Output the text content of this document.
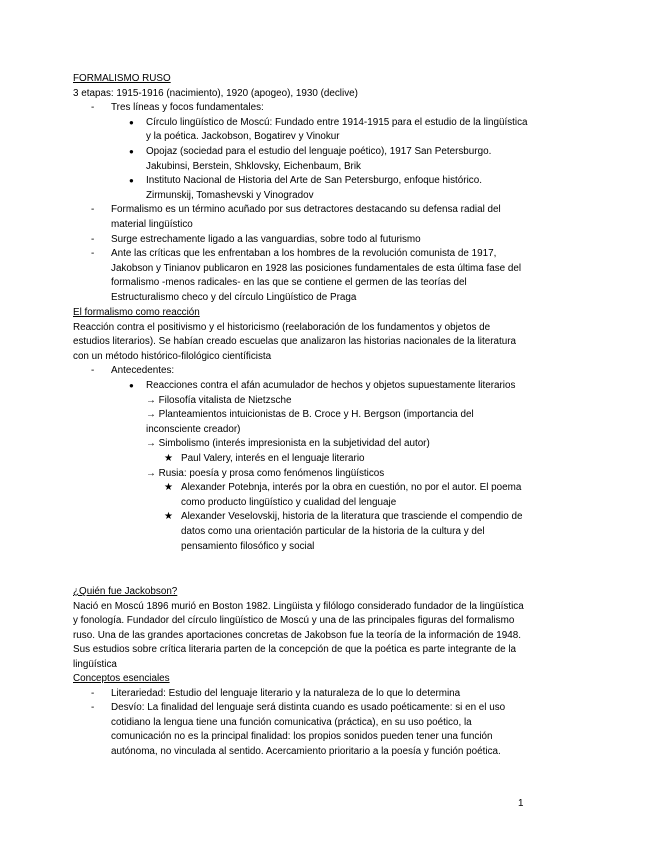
FORMALISMO RUSO

3 etapas: 1915-1916 (nacimiento), 1920 (apogeo), 1930 (declive)

- Tres líneas y focos fundamentales:
● Círculo lingüístico de Moscú: Fundado entre 1914-1915 para el estudio de la lingüística y la poética. Jackobson, Bogatirev y Vinokur
● Opojaz (sociedad para el estudio del lenguaje poético), 1917 San Petersburgo. Jakubinsi, Berstein, Shklovsky, Eichenbaum, Brik
● Instituto Nacional de Historia del Arte de San Petersburgo, enfoque histórico. Zirmunskij, Tomashevski y Vinogradov
- Formalismo es un término acuñado por sus detractores destacando su defensa radial del material lingüístico
- Surge estrechamente ligado a las vanguardias, sobre todo al futurismo
- Ante las críticas que les enfrentaban a los hombres de la revolución comunista de 1917, Jakobson y Tinianov publicaron en 1928 las posiciones fundamentales de esta última fase del formalismo -menos radicales- en las que se contiene el germen de las teorías del Estructuralismo checo y del círculo Lingüístico de Praga

El formalismo como reacción

Reacción contra el positivismo y el historicismo (reelaboración de los fundamentos y objetos de estudios literarios). Se habían creado escuelas que analizaron las historias nacionales de la literatura con un método histórico-filológico científicista

- Antecedentes:
● Reacciones contra el afán acumulador de hechos y objetos supuestamente literarios
→ Filosofía vitalista de Nietzsche
→ Planteamientos intuicionistas de B. Croce y H. Bergson (importancia del inconsciente creador)
→ Simbolismo (interés impresionista en la subjetividad del autor)
★ Paul Valery, interés en el lenguaje literario
→ Rusia: poesía y prosa como fenómenos lingüísticos
★ Alexander Potebnja, interés por la obra en cuestión, no por el autor. El poema como producto lingüístico y cualidad del lenguaje
★ Alexander Veselovskij, historia de la literatura que trasciende el compendio de datos como una orientación particular de la historia de la cultura y del pensamiento filosófico y social

¿Quién fue Jackobson?

Nació en Moscú 1896 murió en Boston 1982. Lingüista y filólogo considerado fundador de la lingüística y fonología. Fundador del círculo lingüístico de Moscú y una de las principales figuras del formalismo ruso. Una de las grandes aportaciones concretas de Jakobson fue la teoría de la información de 1948. Sus estudios sobre crítica literaria parten de la concepción de que la poética es parte integrante de la lingüística

Conceptos esenciales

- Literariedad: Estudio del lenguaje literario y la naturaleza de lo que lo determina
- Desvío: La finalidad del lenguaje será distinta cuando es usado poéticamente: si en el uso cotidiano la lengua tiene una función comunicativa (práctica), en su uso poético, la comunicación no es la principal finalidad: los propios sonidos pueden tener una función autónoma, no vinculada al sentido. Acercamiento prioritario a la poesía y función poética.
1
